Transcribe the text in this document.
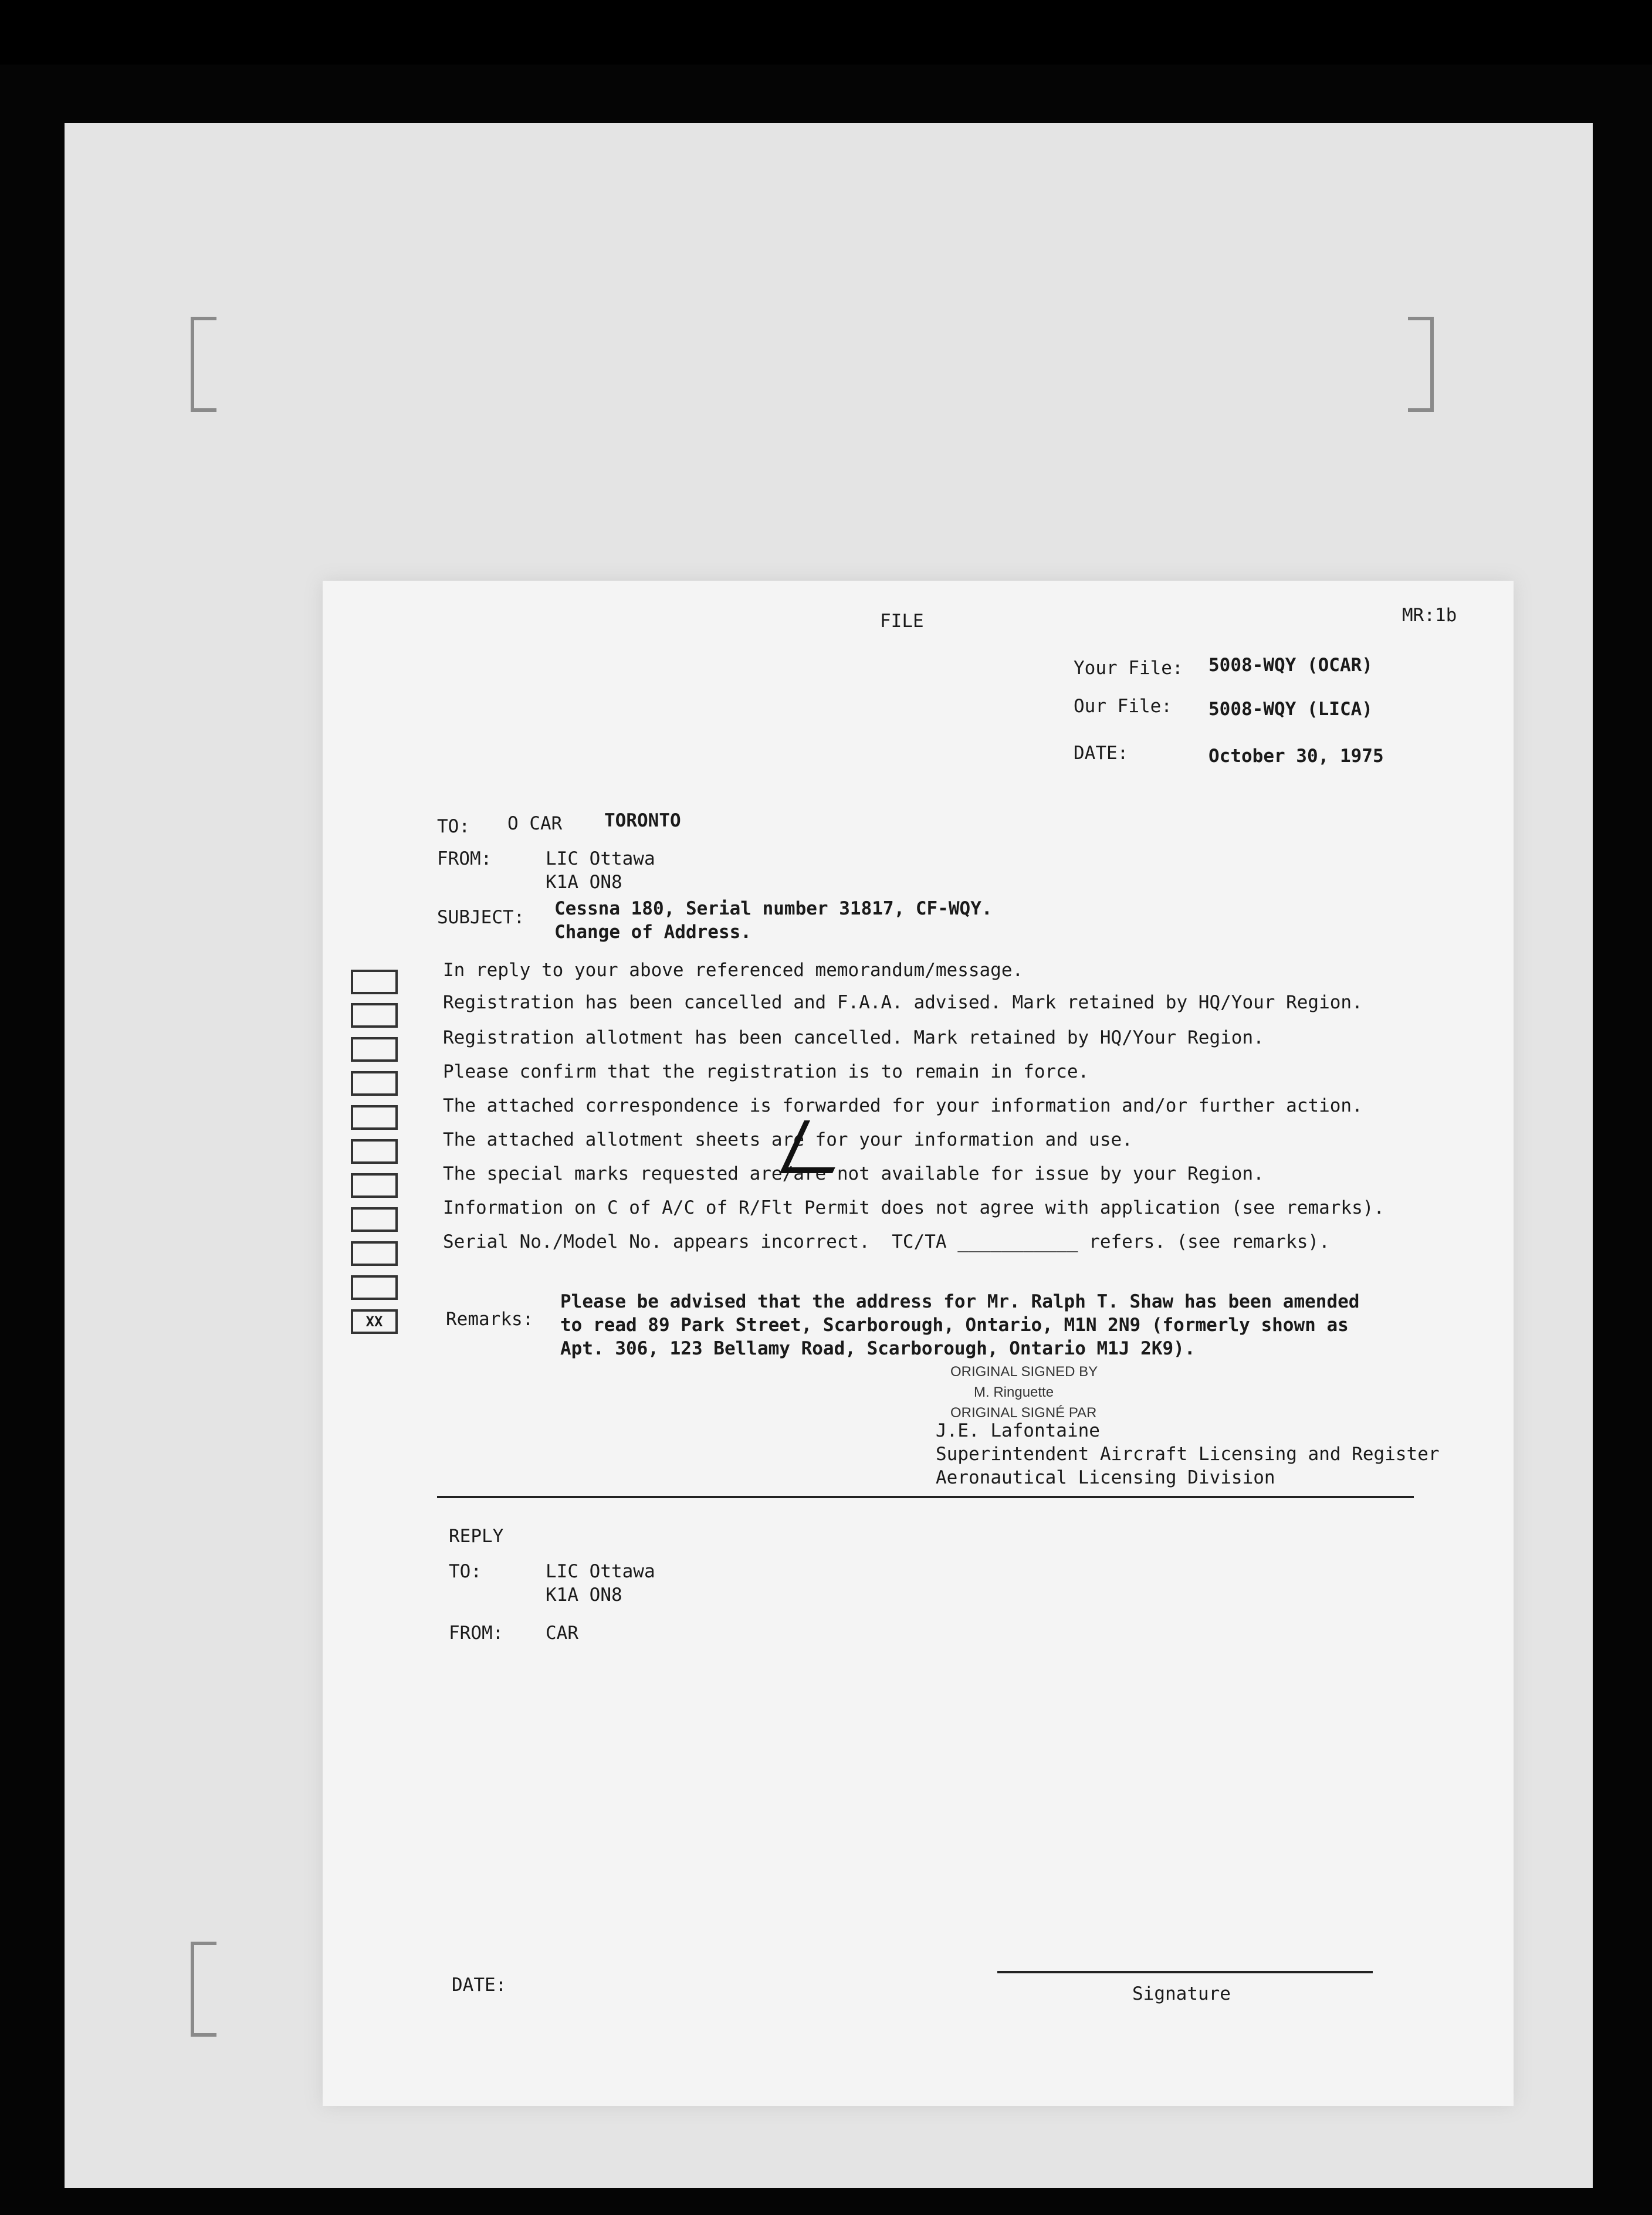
FILE	MR:1b
Your File: 5008-WQY (OCAR)
Our File: 5008-WQY (LICA)
DATE:	October 30, 1975
TO: O CAR TORONTO
FROM:	LIC Ottawa
K1A ON8
SUBJECT: Cessna 180, Serial number 31817, CF-WQY.
Change of Address.
In reply to your above referenced memorandum/message.
Registration has been cancelled and F.A.A. advised. Mark retained by HQ/Your Region.
Registration allotment has been cancelled. Mark retained by HQ/Your Region.
Please confirm that the registration is to remain in force.
The attached correspondence is forwarded for your information and/or further action.
The attached allotment sheets are for your information and use.
The special marks requested are/are not available for issue by your Region.
Information on C of A/C of R/Flt Permit does not agree with application (see remarks).
Serial No./Model No. appears incorrect.  TC/TA ___________ refers. (see remarks).
XX	Remarks:
Please be advised that the address for Mr. Ralph T. Shaw has been amended
to read 89 Park Street, Scarborough, Ontario, M1N 2N9 (formerly shown as
Apt. 306, 123 Bellamy Road, Scarborough, Ontario M1J 2K9).
ORIGINAL SIGNED BY
M. Ringuette
ORIGINAL SIGNÉ PAR
J.E. Lafontaine
Superintendent Aircraft Licensing and Register
Aeronautical Licensing Division
REPLY
TO:	LIC Ottawa
K1A ON8
FROM: CAR
DATE:	Signature
